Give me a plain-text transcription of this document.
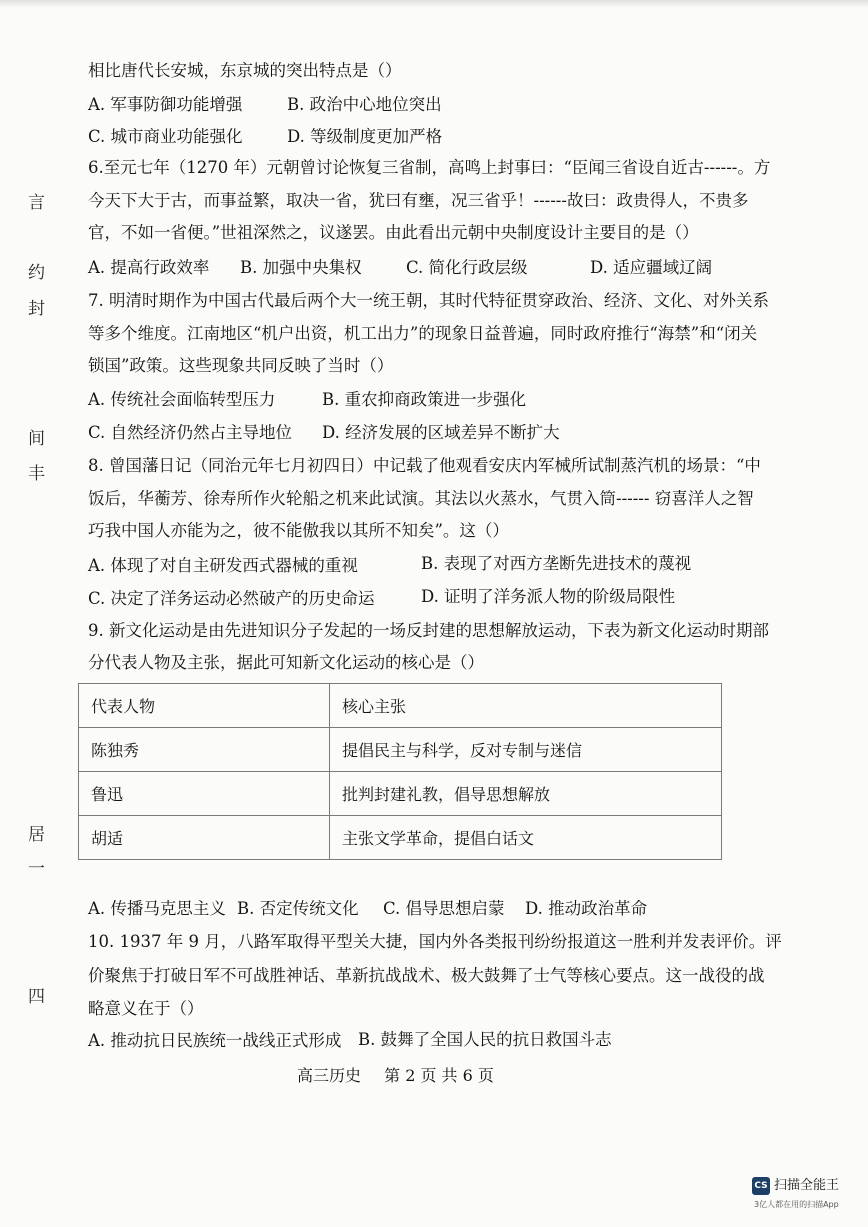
言
约
封
间
丰
居
一
四
相比唐代长安城，东京城的突出特点是（）
A. 军事防御功能增强	B. 政治中心地位突出
C. 城市商业功能强化	D. 等级制度更加严格
6.至元七年（1270 年）元朝曾讨论恢复三省制，高鸣上封事曰：“臣闻三省设自近古------。方
今天下大于古，而事益繁，取决一省，犹曰有壅，况三省乎！------故曰：政贵得人，不贵多
官，不如一省便。”世祖深然之，议遂罢。由此看出元朝中央制度设计主要目的是（）
A. 提高行政效率 B. 加强中央集权	C. 简化行政层级	D. 适应疆域辽阔
7. 明清时期作为中国古代最后两个大一统王朝，其时代特征贯穿政治、经济、文化、对外关系
等多个维度。江南地区“机户出资，机工出力”的现象日益普遍，同时政府推行“海禁”和“闭关
锁国”政策。这些现象共同反映了当时（）
A. 传统社会面临转型压力	B. 重农抑商政策进一步强化
C. 自然经济仍然占主导地位 D. 经济发展的区域差异不断扩大
8. 曾国藩日记（同治元年七月初四日）中记载了他观看安庆内军械所试制蒸汽机的场景：“中
饭后，华蘅芳、徐寿所作火轮船之机来此试演。其法以火蒸水，气贯入筒------ 窃喜洋人之智
巧我中国人亦能为之，彼不能傲我以其所不知矣”。这（）
A. 体现了对自主研发西式器械的重视	B. 表现了对西方垄断先进技术的蔑视
C. 决定了洋务运动必然破产的历史命运	D. 证明了洋务派人物的阶级局限性
9. 新文化运动是由先进知识分子发起的一场反封建的思想解放运动，下表为新文化运动时期部
分代表人物及主张，据此可知新文化运动的核心是（）
代表人物	核心主张
陈独秀	提倡民主与科学，反对专制与迷信
鲁迅	批判封建礼教，倡导思想解放
胡适	主张文学革命，提倡白话文
A. 传播马克思主义 B. 否定传统文化 C. 倡导思想启蒙 D. 推动政治革命
10. 1937 年 9 月，八路军取得平型关大捷，国内外各类报刊纷纷报道这一胜利并发表评价。评
价聚焦于打破日军不可战胜神话、革新抗战战术、极大鼓舞了士气等核心要点。这一战役的战
略意义在于（）
A. 推动抗日民族统一战线正式形成 B. 鼓舞了全国人民的抗日救国斗志
高三历史 第 2 页 共 6 页
CS 扫描全能王
3亿人都在用的扫描App
